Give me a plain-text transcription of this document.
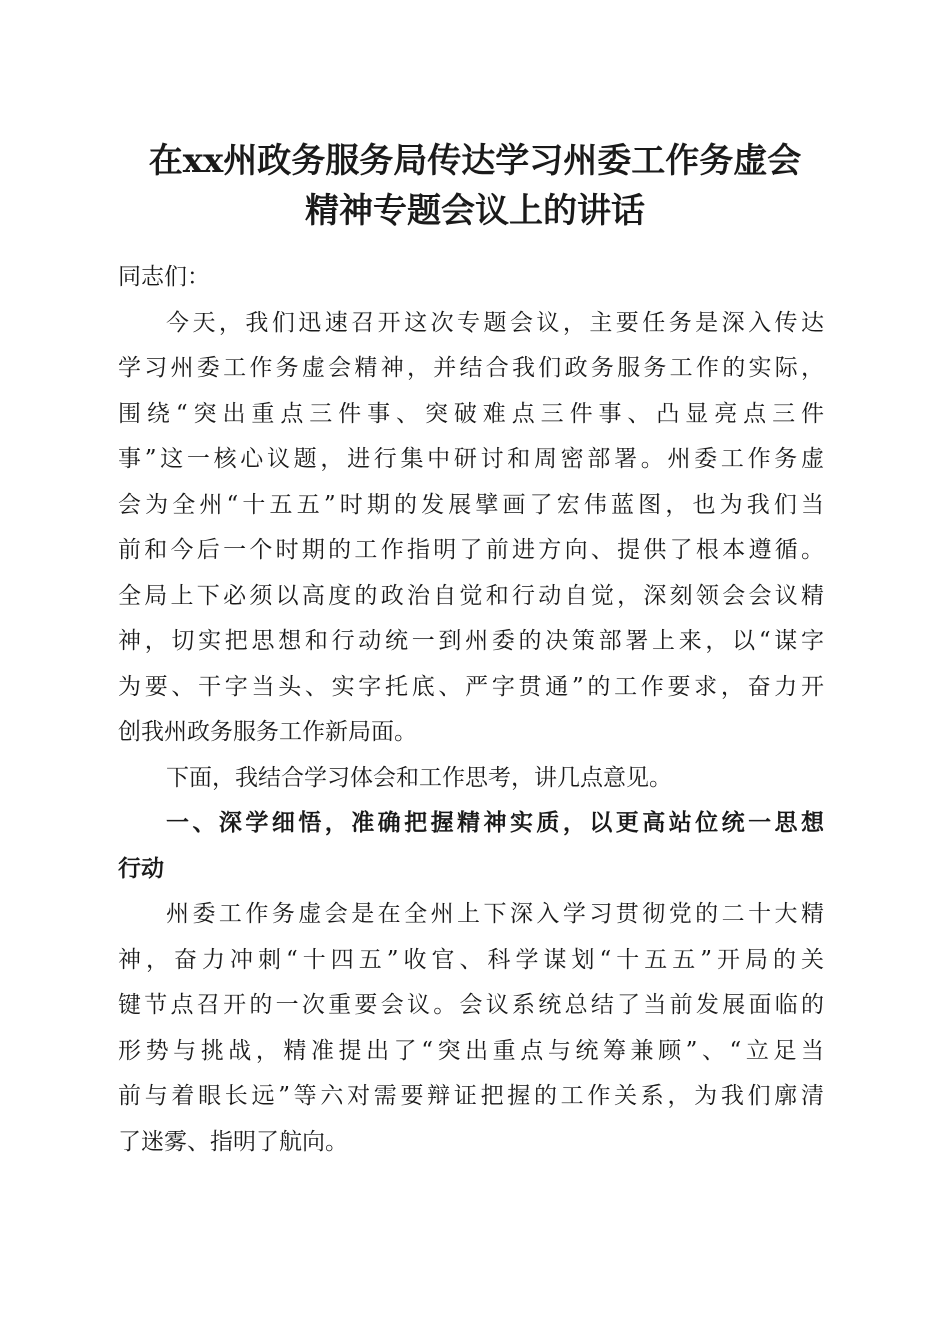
在xx州政务服务局传达学习州委工作务虚会
精神专题会议上的讲话
同志们：
今天，我们迅速召开这次专题会议，主要任务是深入传达
学习州委工作务虚会精神，并结合我们政务服务工作的实际，
围绕“突出重点三件事、突破难点三件事、凸显亮点三件
事”这一核心议题，进行集中研讨和周密部署。州委工作务虚
会为全州“十五五”时期的发展擘画了宏伟蓝图，也为我们当
前和今后一个时期的工作指明了前进方向、提供了根本遵循。
全局上下必须以高度的政治自觉和行动自觉，深刻领会会议精
神，切实把思想和行动统一到州委的决策部署上来，以“谋字
为要、干字当头、实字托底、严字贯通”的工作要求，奋力开
创我州政务服务工作新局面。
下面，我结合学习体会和工作思考，讲几点意见。
一、深学细悟，准确把握精神实质，以更高站位统一思想
行动
州委工作务虚会是在全州上下深入学习贯彻党的二十大精
神，奋力冲刺“十四五”收官、科学谋划“十五五”开局的关
键节点召开的一次重要会议。会议系统总结了当前发展面临的
形势与挑战，精准提出了“突出重点与统筹兼顾”、“立足当
前与着眼长远”等六对需要辩证把握的工作关系，为我们廓清
了迷雾、指明了航向。
